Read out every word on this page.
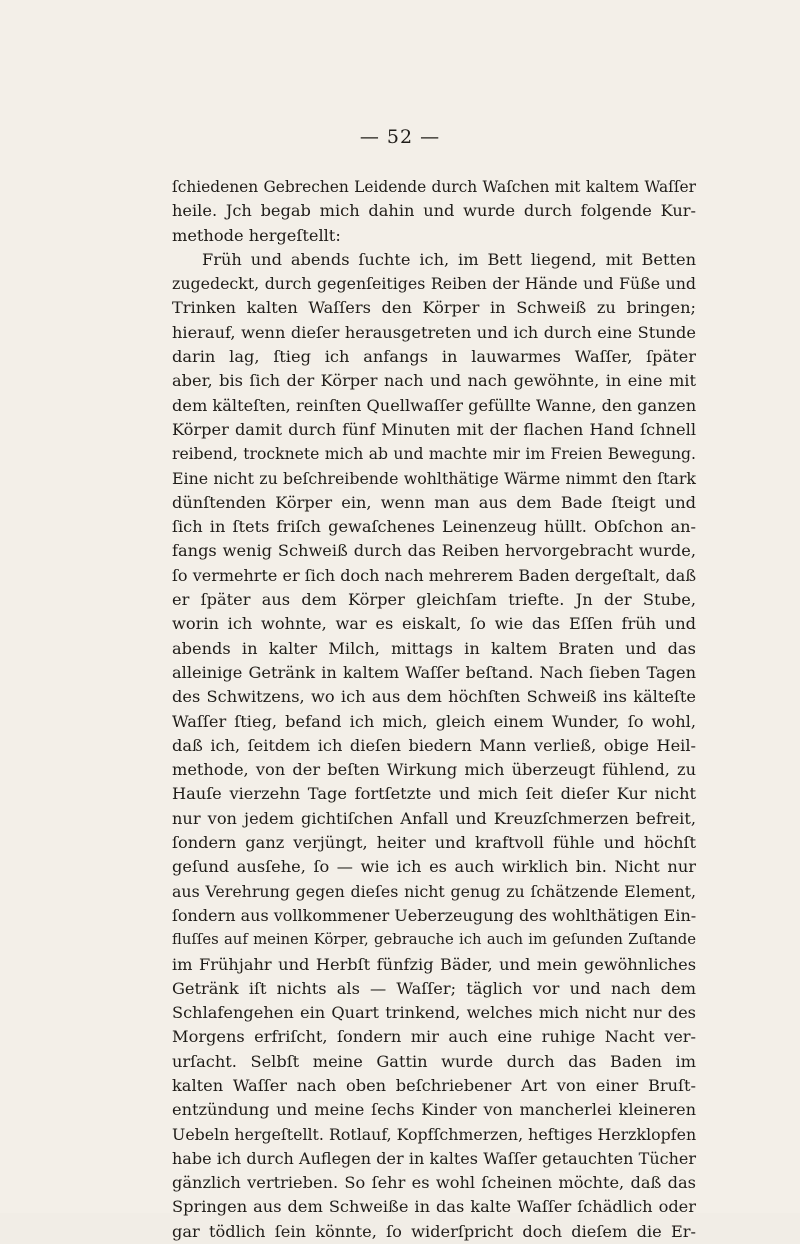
— 52 —
ſchiedenen Gebrechen Leidende durch Waſchen mit kaltem Waſſer
heile. Jch begab mich dahin und wurde durch folgende Kur-
methode hergeſtellt:
Früh und abends ſuchte ich, im Bett liegend, mit Betten
zugedeckt, durch gegenſeitiges Reiben der Hände und Füße und
Trinken kalten Waſſers den Körper in Schweiß zu bringen;
hierauf, wenn dieſer herausgetreten und ich durch eine Stunde
darin lag, ſtieg ich anfangs in lauwarmes Waſſer, ſpäter
aber, bis ſich der Körper nach und nach gewöhnte, in eine mit
dem kälteſten, reinſten Quellwaſſer gefüllte Wanne, den ganzen
Körper damit durch fünf Minuten mit der flachen Hand ſchnell
reibend, trocknete mich ab und machte mir im Freien Bewegung.
Eine nicht zu beſchreibende wohlthätige Wärme nimmt den ſtark
dünſtenden Körper ein, wenn man aus dem Bade ſteigt und
ſich in ſtets friſch gewaſchenes Leinenzeug hüllt. Obſchon an-
fangs wenig Schweiß durch das Reiben hervorgebracht wurde,
ſo vermehrte er ſich doch nach mehrerem Baden dergeſtalt, daß
er ſpäter aus dem Körper gleichſam triefte. Jn der Stube,
worin ich wohnte, war es eiskalt, ſo wie das Eſſen früh und
abends in kalter Milch, mittags in kaltem Braten und das
alleinige Getränk in kaltem Waſſer beſtand. Nach ſieben Tagen
des Schwitzens, wo ich aus dem höchſten Schweiß ins kälteſte
Waſſer ſtieg, befand ich mich, gleich einem Wunder, ſo wohl,
daß ich, ſeitdem ich dieſen biedern Mann verließ, obige Heil-
methode, von der beſten Wirkung mich überzeugt fühlend, zu
Hauſe vierzehn Tage fortſetzte und mich ſeit dieſer Kur nicht
nur von jedem gichtiſchen Anfall und Kreuzſchmerzen befreit,
ſondern ganz verjüngt, heiter und kraftvoll fühle und höchſt
geſund ausſehe, ſo — wie ich es auch wirklich bin. Nicht nur
aus Verehrung gegen dieſes nicht genug zu ſchätzende Element,
ſondern aus vollkommener Ueberzeugung des wohlthätigen Ein-
fluſſes auf meinen Körper, gebrauche ich auch im geſunden Zuſtande
im Frühjahr und Herbſt fünfzig Bäder, und mein gewöhnliches
Getränk iſt nichts als — Waſſer; täglich vor und nach dem
Schlafengehen ein Quart trinkend, welches mich nicht nur des
Morgens erfriſcht, ſondern mir auch eine ruhige Nacht ver-
urſacht. Selbſt meine Gattin wurde durch das Baden im
kalten Waſſer nach oben beſchriebener Art von einer Bruſt-
entzündung und meine ſechs Kinder von mancherlei kleineren
Uebeln hergeſtellt. Rotlauf, Kopfſchmerzen, heftiges Herzklopfen
habe ich durch Auflegen der in kaltes Waſſer getauchten Tücher
gänzlich vertrieben. So ſehr es wohl ſcheinen möchte, daß das
Springen aus dem Schweiße in das kalte Waſſer ſchädlich oder
gar tödlich ſein könnte, ſo widerſpricht doch dieſem die Er-
